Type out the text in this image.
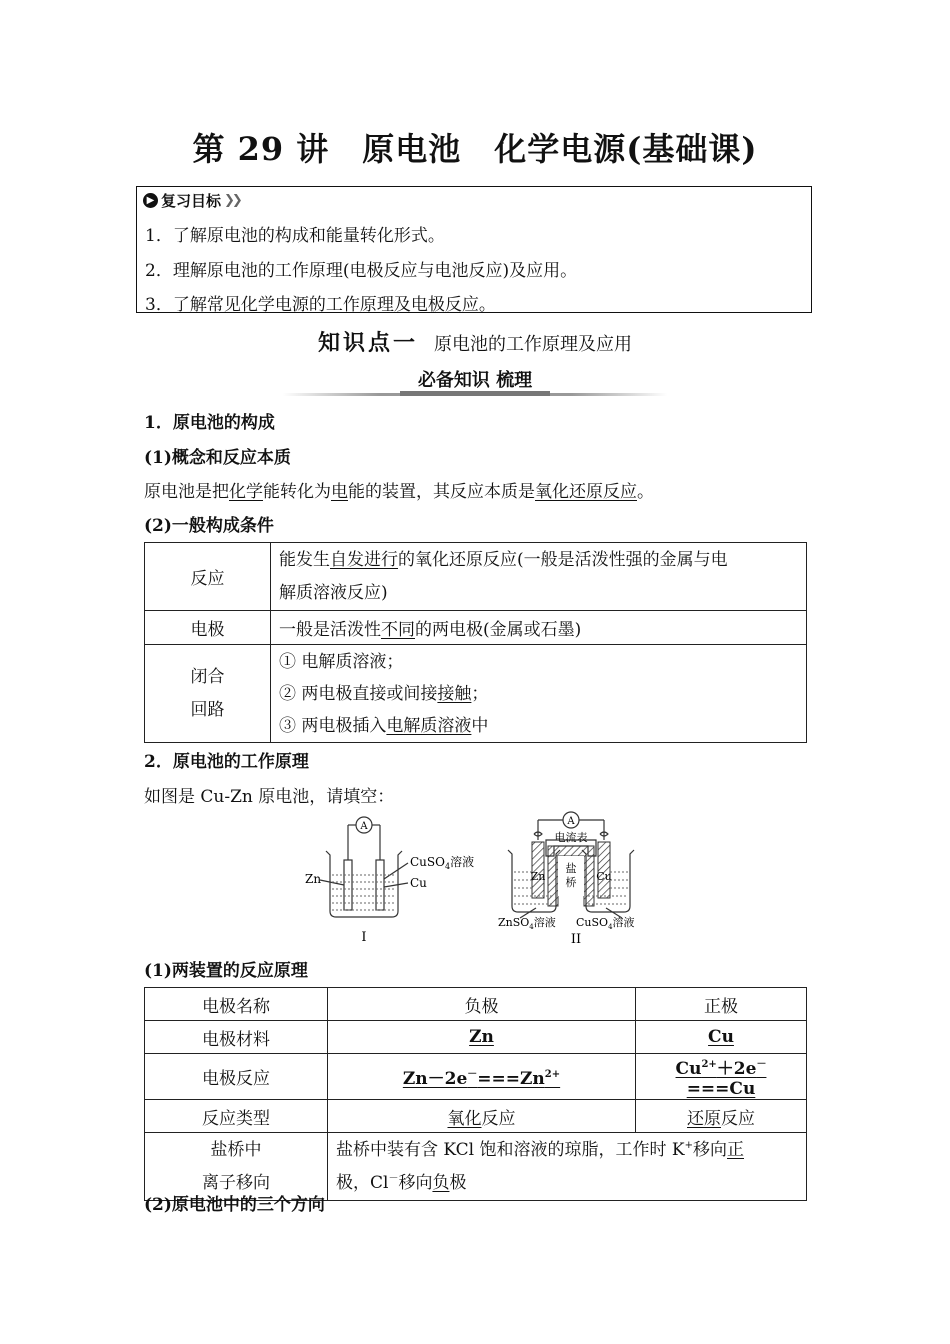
第 29 讲　原电池　化学电源(基础课)
▶ 复习目标 ❯❯
1．了解原电池的构成和能量转化形式。
2．理解原电池的工作原理(电极反应与电池反应)及应用。
3．了解常见化学电源的工作原理及电极反应。
知识点一 原电池的工作原理及应用
必备知识 梳理
1．原电池的构成
(1)概念和反应本质
原电池是把化学能转化为电能的装置，其反应本质是氧化还原反应。
(2)一般构成条件
反应	能发生自发进行的氧化还原反应(一般是活泼性强的金属与电
解质溶液反应)
电极	一般是活泼性不同的两电极(金属或石墨)
闭合
回路	① 电解质溶液；
② 两电极直接或间接接触；
③ 两电极插入电解质溶液中
2．原电池的工作原理
如图是 Cu-Zn 原电池，请填空：
A
Zn
CuSO$_4$溶液
Cu
I
A
电流表
盐
桥
Zn	Cu
ZnSO$_4$溶液 CuSO$_4$溶液
II
(1)两装置的反应原理
电极名称	负极	正极
电极材料	Zn	Cu
电极反应	$Zn-2e^-===Zn^{2+}$	$Cu^{2+}+2e^-===Cu$
反应类型	氧化反应	还原反应
盐桥中
离子移向	盐桥中装有含 KCl 饱和溶液的琼脂，工作时 K+移向正
极，Cl－移向负极	
(2)原电池中的三个方向
